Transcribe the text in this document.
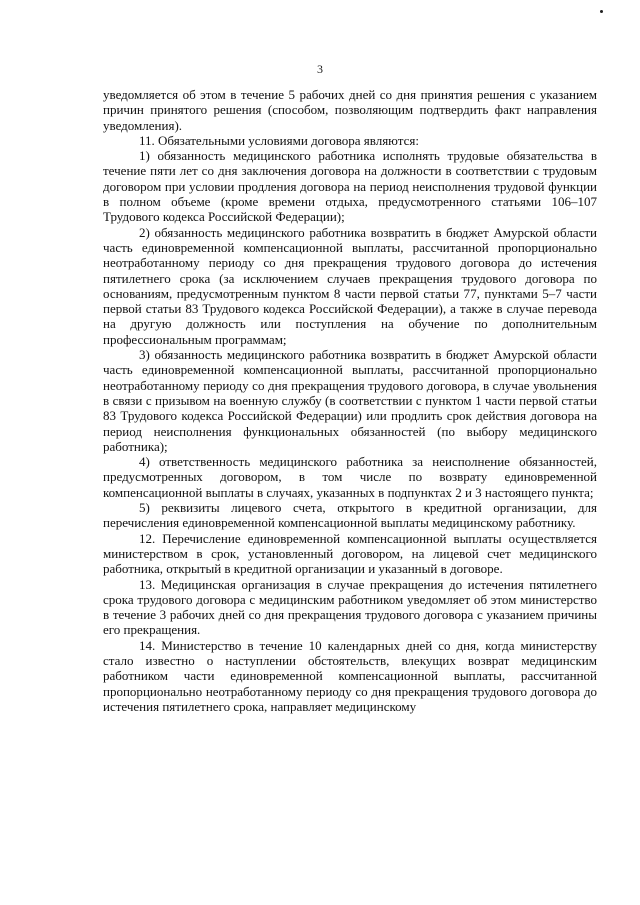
3

уведомляется об этом в течение 5 рабочих дней со дня принятия решения с указанием причин принятого решения (способом, позволяющим подтвердить факт направления уведомления).

11. Обязательными условиями договора являются:

1) обязанность медицинского работника исполнять трудовые обязательства в течение пяти лет со дня заключения договора на должности в соответствии с трудовым договором при условии продления договора на период неисполнения трудовой функции в полном объеме (кроме времени отдыха, предусмотренного статьями 106–107 Трудового кодекса Российской Федерации);

2) обязанность медицинского работника возвратить в бюджет Амурской области часть единовременной компенсационной выплаты, рассчитанной пропорционально неотработанному периоду со дня прекращения трудового договора до истечения пятилетнего срока (за исключением случаев прекращения трудового договора по основаниям, предусмотренным пунктом 8 части первой статьи 77, пунктами 5–7 части первой статьи 83 Трудового кодекса Российской Федерации), а также в случае перевода на другую должность или поступления на обучение по дополнительным профессиональным программам;

3) обязанность медицинского работника возвратить в бюджет Амурской области часть единовременной компенсационной выплаты, рассчитанной пропорционально неотработанному периоду со дня прекращения трудового договора, в случае увольнения в связи с призывом на военную службу (в соответствии с пунктом 1 части первой статьи 83 Трудового кодекса Российской Федерации) или продлить срок действия договора на период неисполнения функциональных обязанностей (по выбору медицинского работника);

4) ответственность медицинского работника за неисполнение обязанностей, предусмотренных договором, в том числе по возврату единовременной компенсационной выплаты в случаях, указанных в подпунктах 2 и 3 настоящего пункта;

5) реквизиты лицевого счета, открытого в кредитной организации, для перечисления единовременной компенсационной выплаты медицинскому работнику.

12. Перечисление единовременной компенсационной выплаты осуществляется министерством в срок, установленный договором, на лицевой счет медицинского работника, открытый в кредитной организации и указанный в договоре.

13. Медицинская организация в случае прекращения до истечения пятилетнего срока трудового договора с медицинским работником уведомляет об этом министерство в течение 3 рабочих дней со дня прекращения трудового договора с указанием причины его прекращения.

14. Министерство в течение 10 календарных дней со дня, когда министерству стало известно о наступлении обстоятельств, влекущих возврат медицинским работником части единовременной компенсационной выплаты, рассчитанной пропорционально неотработанному периоду со дня прекращения трудового договора до истечения пятилетнего срока, направляет медицинскому
